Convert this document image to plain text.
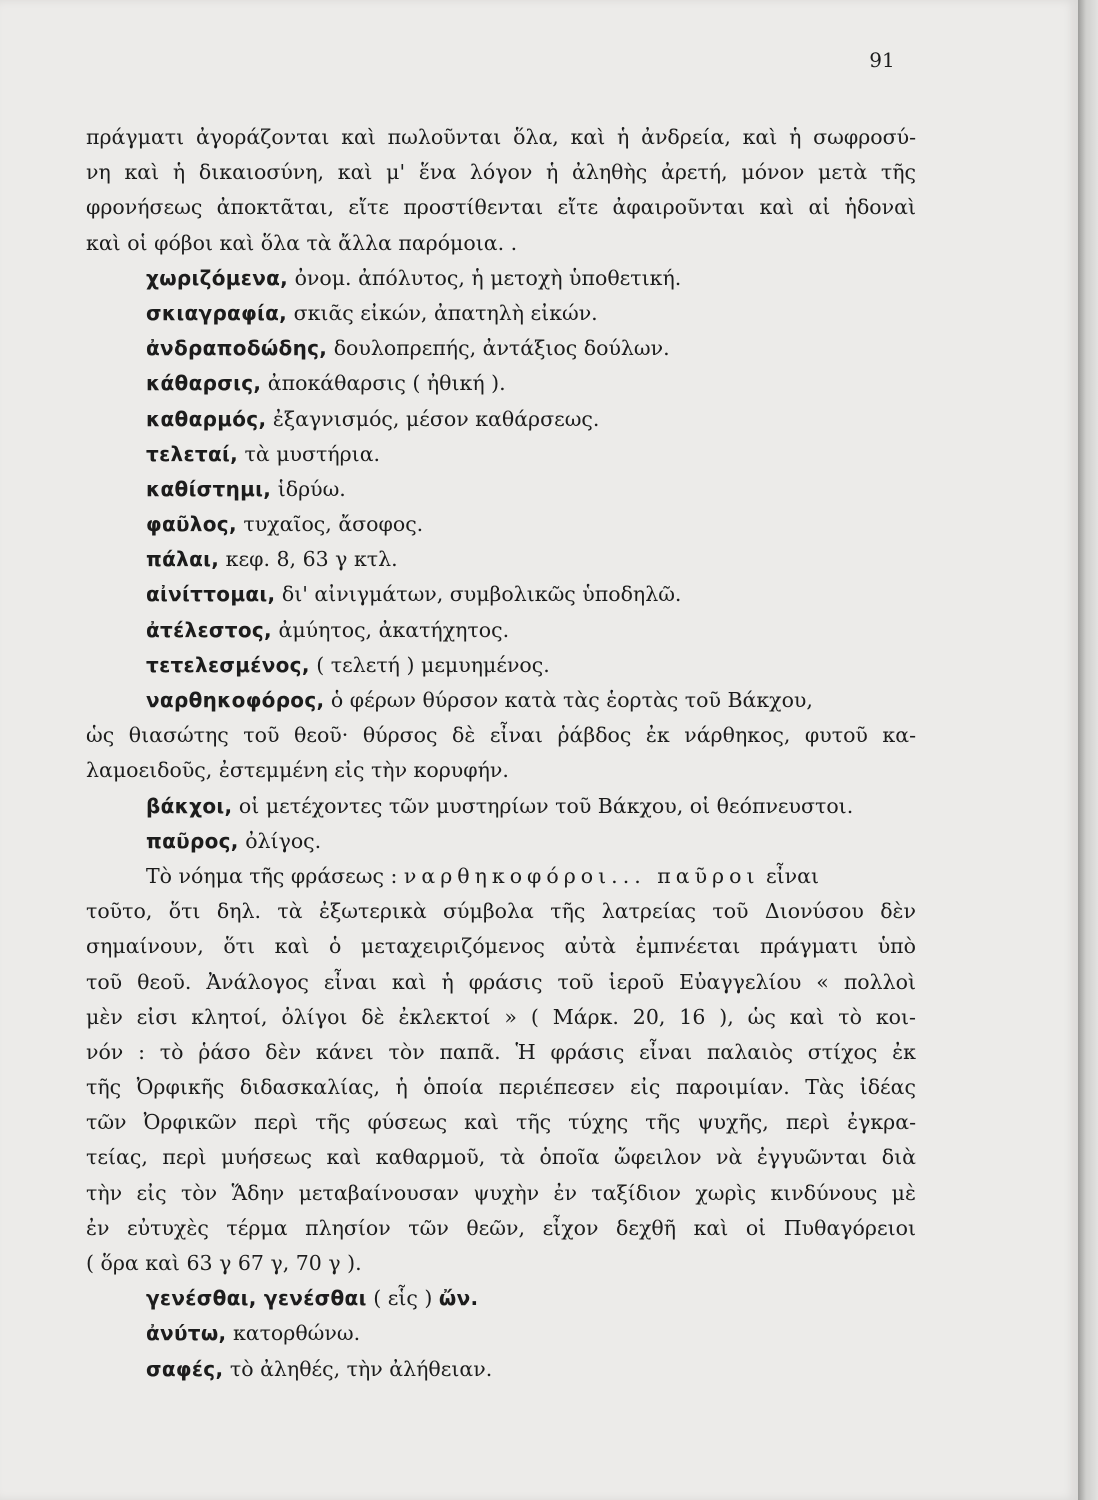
91
πράγματι ἀγοράζονται καὶ πωλοῦνται ὅλα, καὶ ἡ ἀνδρεία, καὶ ἡ σωφροσύ-
νη καὶ ἡ δικαιοσύνη, καὶ μ' ἕνα λόγον ἡ ἀληθὴς ἀρετή, μόνον μετὰ τῆς
φρονήσεως ἀποκτᾶται, εἴτε προστίθενται εἴτε ἀφαιροῦνται καὶ αἱ ἡδοναὶ
καὶ οἱ φόβοι καὶ ὅλα τὰ ἄλλα παρόμοια. .
χωριζόμενα, ὀνομ. ἀπόλυτος, ἡ μετοχὴ ὑποθετική.
σκιαγραφία, σκιᾶς εἰκών, ἀπατηλὴ εἰκών.
ἀνδραποδώδης, δουλοπρεπής, ἀντάξιος δούλων.
κάθαρσις, ἀποκάθαρσις ( ἠθική ).
καθαρμός, ἐξαγνισμός, μέσον καθάρσεως.
τελεταί, τὰ μυστήρια.
καθίστημι, ἱδρύω.
φαῦλος, τυχαῖος, ἄσοφος.
πάλαι, κεφ. 8, 63 γ κτλ.
αἰνίττομαι, δι' αἰνιγμάτων, συμβολικῶς ὑποδηλῶ.
ἀτέλεστος, ἀμύητος, ἀκατήχητος.
τετελεσμένος, ( τελετή ) μεμυημένος.
ναρθηκοφόρος, ὁ φέρων θύρσον κατὰ τὰς ἑορτὰς τοῦ Βάκχου,
ὡς θιασώτης τοῦ θεοῦ· θύρσος δὲ εἶναι ῥάβδος ἐκ νάρθηκος, φυτοῦ κα-
λαμοειδοῦς, ἐστεμμένη εἰς τὴν κορυφήν.
βάκχοι, οἱ μετέχοντες τῶν μυστηρίων τοῦ Βάκχου, οἱ θεόπνευστοι.
παῦρος, ὀλίγος.
Τὸ νόημα τῆς φράσεως : ναρθηκοφόροι... παῦροι εἶναι
τοῦτο, ὅτι δηλ. τὰ ἐξωτερικὰ σύμβολα τῆς λατρείας τοῦ Διονύσου δὲν
σημαίνουν, ὅτι καὶ ὁ μεταχειριζόμενος αὐτὰ ἐμπνέεται πράγματι ὑπὸ
τοῦ θεοῦ. Ἀνάλογος εἶναι καὶ ἡ φράσις τοῦ ἱεροῦ Εὐαγγελίου « πολλοὶ
μὲν εἰσι κλητοί, ὀλίγοι δὲ ἐκλεκτοί » ( Μάρκ. 20, 16 ), ὡς καὶ τὸ κοι-
νόν : τὸ ῥάσο δὲν κάνει τὸν παπᾶ. Ἡ φράσις εἶναι παλαιὸς στίχος ἐκ
τῆς Ὀρφικῆς διδασκαλίας, ἡ ὁποία περιέπεσεν εἰς παροιμίαν. Τὰς ἰδέας
τῶν Ὀρφικῶν περὶ τῆς φύσεως καὶ τῆς τύχης τῆς ψυχῆς, περὶ ἐγκρα-
τείας, περὶ μυήσεως καὶ καθαρμοῦ, τὰ ὁποῖα ὤφειλον νὰ ἐγγυῶνται διὰ
τὴν εἰς τὸν Ἅδην μεταβαίνουσαν ψυχὴν ἐν ταξίδιον χωρὶς κινδύνους μὲ
ἐν εὐτυχὲς τέρμα πλησίον τῶν θεῶν, εἶχον δεχθῆ καὶ οἱ Πυθαγόρειοι
( ὅρα καὶ 63 γ 67 γ, 70 γ ).
γενέσθαι, γενέσθαι ( εἷς ) ὤν.
ἀνύτω, κατορθώνω.
σαφές, τὸ ἀληθές, τὴν ἀλήθειαν.
